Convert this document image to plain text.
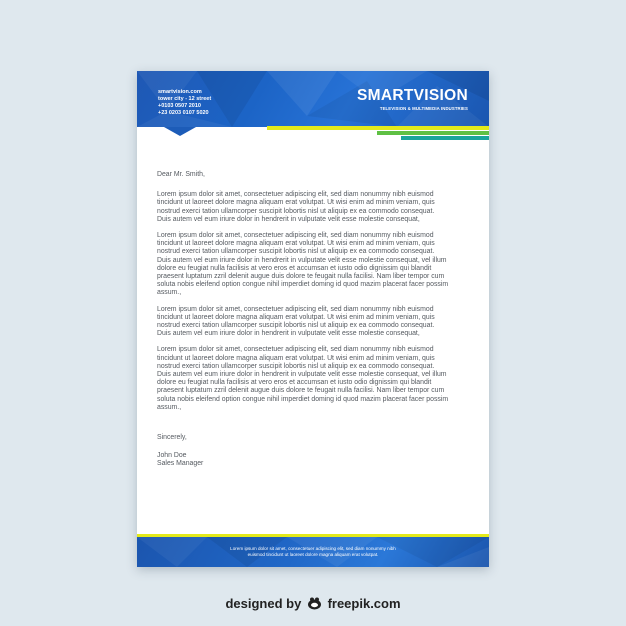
smartvision.com
tower city - 12 street
+0103 0507 2010
+23 0203 0107 5020
SMARTVISION
TELEVISION & MULTIMEDIA INDUSTRIES
Dear Mr. Smith,
Lorem ipsum dolor sit amet, consectetuer adipiscing elit, sed diam nonummy nibh euismod
tincidunt ut laoreet dolore magna aliquam erat volutpat. Ut wisi enim ad minim veniam, quis
nostrud exerci tation ullamcorper suscipit lobortis nisl ut aliquip ex ea commodo consequat.
Duis autem vel eum iriure dolor in hendrerit in vulputate velit esse molestie consequat,
Lorem ipsum dolor sit amet, consectetuer adipiscing elit, sed diam nonummy nibh euismod
tincidunt ut laoreet dolore magna aliquam erat volutpat. Ut wisi enim ad minim veniam, quis
nostrud exerci tation ullamcorper suscipit lobortis nisl ut aliquip ex ea commodo consequat.
Duis autem vel eum iriure dolor in hendrerit in vulputate velit esse molestie consequat, vel illum
dolore eu feugiat nulla facilisis at vero eros et accumsan et iusto odio dignissim qui blandit
praesent luptatum zzril delenit augue duis dolore te feugait nulla facilisi. Nam liber tempor cum
soluta nobis eleifend option congue nihil imperdiet doming id quod mazim placerat facer possim
assum.,
Lorem ipsum dolor sit amet, consectetuer adipiscing elit, sed diam nonummy nibh euismod
tincidunt ut laoreet dolore magna aliquam erat volutpat. Ut wisi enim ad minim veniam, quis
nostrud exerci tation ullamcorper suscipit lobortis nisl ut aliquip ex ea commodo consequat.
Duis autem vel eum iriure dolor in hendrerit in vulputate velit esse molestie consequat,
Lorem ipsum dolor sit amet, consectetuer adipiscing elit, sed diam nonummy nibh euismod
tincidunt ut laoreet dolore magna aliquam erat volutpat. Ut wisi enim ad minim veniam, quis
nostrud exerci tation ullamcorper suscipit lobortis nisl ut aliquip ex ea commodo consequat.
Duis autem vel eum iriure dolor in hendrerit in vulputate velit esse molestie consequat, vel illum
dolore eu feugiat nulla facilisis at vero eros et accumsan et iusto odio dignissim qui blandit
praesent luptatum zzril delenit augue duis dolore te feugait nulla facilisi. Nam liber tempor cum
soluta nobis eleifend option congue nihil imperdiet doming id quod mazim placerat facer possim
assum.,
Sincerely,
John Doe
Sales Manager
Lorem ipsum dolor sit amet, consectetuer adipiscing elit, sed diam nonummy nibh
euismod tincidunt ut laoreet dolore magna aliquam erat volutpat.
designed by freepik.com
